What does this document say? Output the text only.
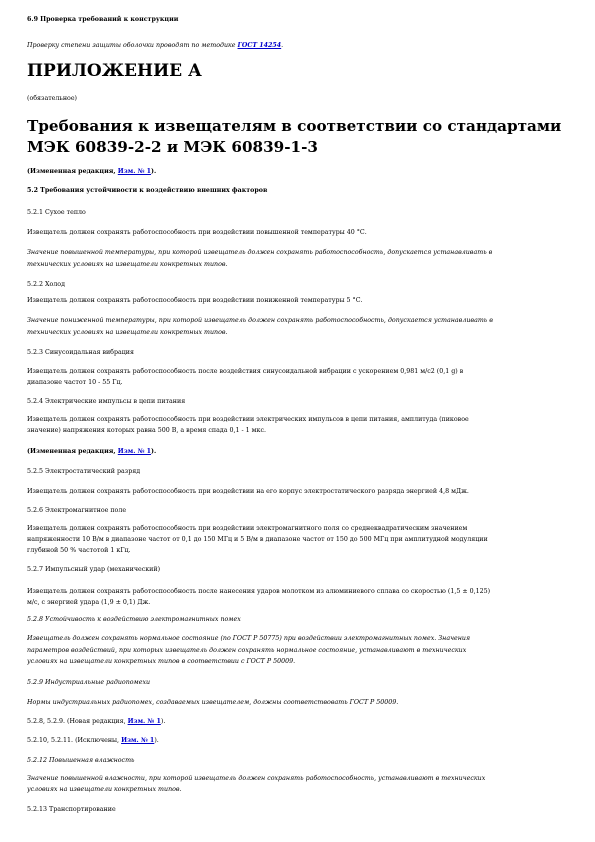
6.9 Проверка требований к конструкции
Проверку степени защиты оболочки проводят по методике ГОСТ 14254.
ПРИЛОЖЕНИЕ А
(обязательное)
Требования к извещателям в соответствии со стандартами
МЭК 60839-2-2 и МЭК 60839-1-3
(Измененная редакция, Изм. № 1).
5.2 Требования устойчивости к воздействию внешних факторов
5.2.1 Сухое тепло
Извещатель должен сохранять работоспособность при воздействии повышенной температуры 40 °С.
Значение повышенной температуры, при которой извещатель должен сохранять работоспособность, допускается устанавливать в
технических условиях на извещатели конкретных типов.
5.2.2 Холод
Извещатель должен сохранять работоспособность при воздействии пониженной температуры 5 °С.
Значение пониженной температуры, при которой извещатель должен сохранять работоспособность, допускается устанавливать в
технических условиях на извещатели конкретных типов.
5.2.3 Синусоидальная вибрация
Извещатель должен сохранять работоспособность после воздействия синусоидальной вибрации с ускорением 0,981 м/с2 (0,1 g) в
диапазоне частот 10 - 55 Гц.
5.2.4 Электрические импульсы в цепи питания
Извещатель должен сохранять работоспособность при воздействии электрических импульсов в цепи питания, амплитуда (пиковое
значение) напряжения которых равна 500 В, а время спада 0,1 - 1 мкс.
(Измененная редакция, Изм. № 1).
5.2.5 Электростатический разряд
Извещатель должен сохранять работоспособность при воздействии на его корпус электростатического разряда энергией 4,8 мДж.
5.2.6 Электромагнитное поле
Извещатель должен сохранять работоспособность при воздействии электромагнитного поля со среднеквадратическим значением
напряженности 10 В/м в диапазоне частот от 0,1 до 150 МГц и 5 В/м в диапазоне частот от 150 до 500 МГц при амплитудной модуляции
глубиной 50 % частотой 1 кГц.
5.2.7 Импульсный удар (механический)
Извещатель должен сохранять работоспособность после нанесения ударов молотком из алюминиевого сплава со скоростью (1,5 ± 0,125)
м/с, с энергией удара (1,9 ± 0,1) Дж.
5.2.8 Устойчивость к воздействию электромагнитных помех
Извещатель должен сохранять нормальное состояние (по ГОСТ Р 50775) при воздействии электромагнитных помех. Значения
параметров воздействий, при которых извещатель должен сохранять нормальное состояние, устанавливают в технических
условиях на извещатели конкретных типов в соответствии с ГОСТ Р 50009.
5.2.9 Индустриальные радиопомехи
Нормы индустриальных радиопомех, создаваемых извещателем, должны соответствовать ГОСТ Р 50009.
5.2.8, 5.2.9. (Новая редакция, Изм. № 1).
5.2.10, 5.2.11. (Исключены, Изм. № 1).
5.2.12 Повышенная влажность
Значение повышенной влажности, при которой извещатель должен сохранять работоспособность, устанавливают в технических
условиях на извещатели конкретных типов.
5.2.13 Транспортирование
